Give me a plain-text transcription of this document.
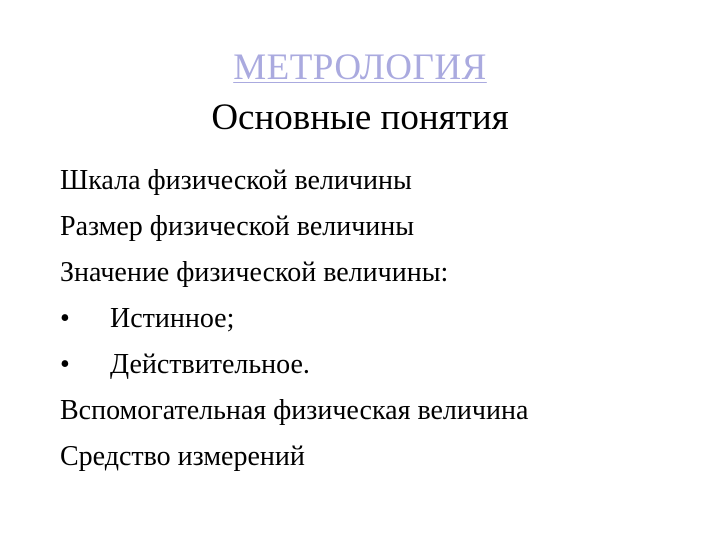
МЕТРОЛОГИЯ
Основные понятия
Шкала физической величины
Размер физической величины
Значение физической величины:
• Истинное;
• Действительное.
Вспомогательная физическая величина
Средство измерений
